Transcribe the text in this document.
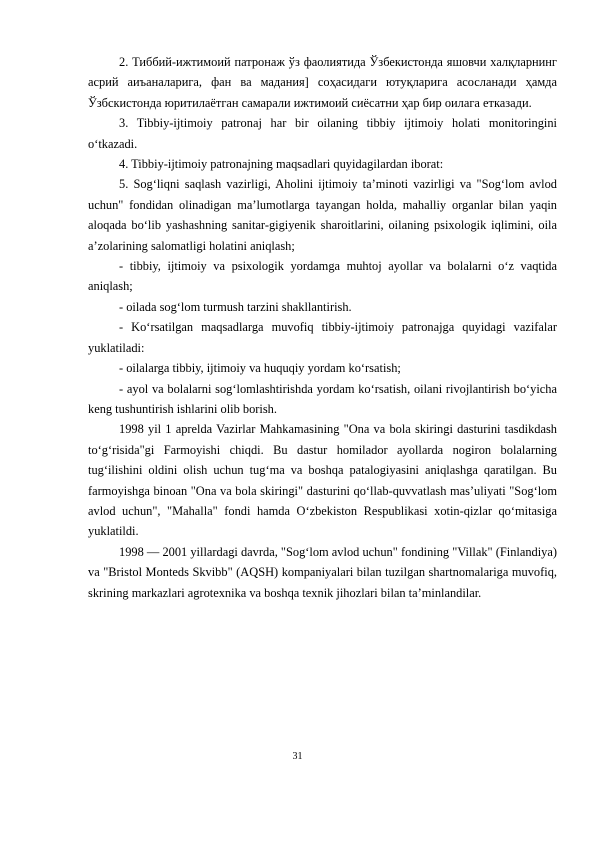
2. Тиббий-ижтимоий патронаж ўз фаолиятида Ўзбекистонда яшовчи халқларнинг асрий аиъаналарига, фан ва мадания] соҳасидаги ютуқларига асосланади ҳамда Ўзбскистонда юритилаётган самарали ижтимоий сиёсатни ҳар бир оилага етказади.

3. Tibbiy-ijtimoiy patronaj har bir oilaning tibbiy ijtimoiy holati monitoringini o‘tkazadi.

4. Tibbiy-ijtimoiy patronajning maqsadlari quyidagilardan iborat:

5. Sog‘liqni saqlash vazirligi, Aholini ijtimoiy ta’minoti vazirligi va "Sog‘lom avlod uchun" fondidan olinadigan ma’lumotlarga tayangan holda, mahalliy organlar bilan yaqin aloqada bo‘lib yashashning sanitar-gigiyenik sharoitlarini, oilaning psixologik iqlimini, oila a’zolarining salomatligi holatini aniqlash;

- tibbiy, ijtimoiy va psixologik yordamga muhtoj ayollar va bolalarni o‘z vaqtida aniqlash;

- oilada sog‘lom turmush tarzini shakllantirish.

- Ko‘rsatilgan maqsadlarga muvofiq tibbiy-ijtimoiy patronajga quyidagi vazifalar yuklatiladi:

- oilalarga tibbiy, ijtimoiy va huquqiy yordam ko‘rsatish;

- ayol va bolalarni sog‘lomlashtirishda yordam ko‘rsatish, oilani rivojlantirish bo‘yicha keng tushuntirish ishlarini olib borish.

1998 yil 1 aprelda Vazirlar Mahkamasining "Ona va bola skiringi dasturini tasdikdash to‘g‘risida"gi Farmoyishi chiqdi. Bu dastur homilador ayollarda nogiron bolalarning tug‘ilishini oldini olish uchun tug‘ma va boshqa patalogiyasini aniqlashga qaratilgan. Bu farmoyishga binoan "Ona va bola skiringi" dasturini qo‘llab-quvvatlash mas’uliyati "Sog‘lom avlod uchun", "Mahalla" fondi hamda O‘zbekiston Respublikasi xotin-qizlar qo‘mitasiga yuklatildi.

1998 — 2001 yillardagi davrda, "Sog‘lom avlod uchun" fondining "Villak" (Finlandiya) va "Bristol Monteds Skvibb" (AQSH) kompaniyalari bilan tuzilgan shartnomalariga muvofiq, skrining markazlari agrotexnika va boshqa texnik jihozlari bilan ta’minlandilar.

31
